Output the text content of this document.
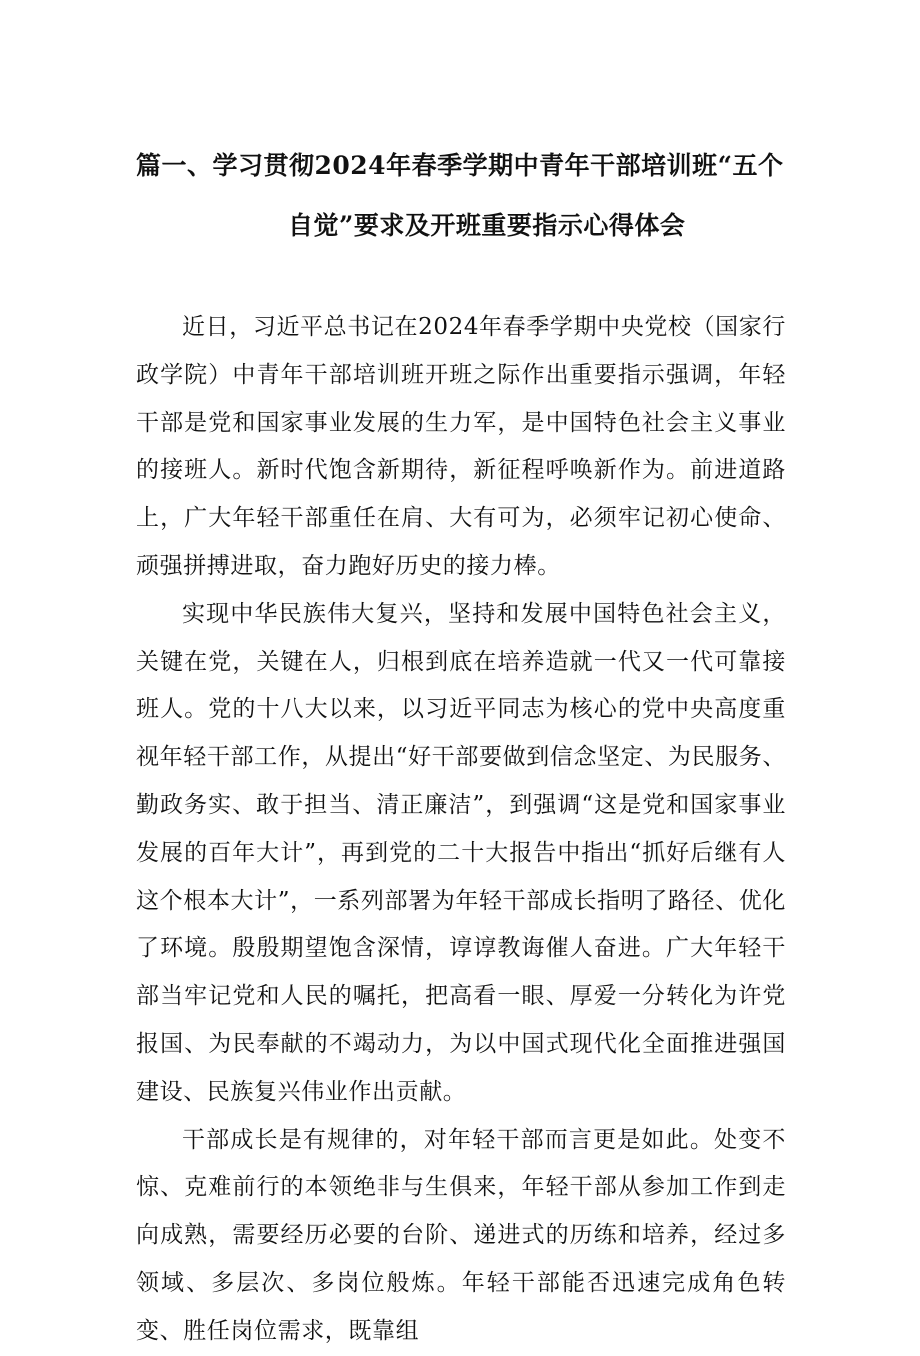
篇一、学习贯彻2024年春季学期中青年干部培训班“五个
自觉”要求及开班重要指示心得体会

近日，习近平总书记在2024年春季学期中央党校（国家行政学院）中青年干部培训班开班之际作出重要指示强调，年轻干部是党和国家事业发展的生力军，是中国特色社会主义事业的接班人。新时代饱含新期待，新征程呼唤新作为。前进道路上，广大年轻干部重任在肩、大有可为，必须牢记初心使命、顽强拼搏进取，奋力跑好历史的接力棒。

实现中华民族伟大复兴，坚持和发展中国特色社会主义，关键在党，关键在人，归根到底在培养造就一代又一代可靠接班人。党的十八大以来，以习近平同志为核心的党中央高度重视年轻干部工作，从提出“好干部要做到信念坚定、为民服务、勤政务实、敢于担当、清正廉洁”，到强调“这是党和国家事业发展的百年大计”，再到党的二十大报告中指出“抓好后继有人这个根本大计”，一系列部署为年轻干部成长指明了路径、优化了环境。殷殷期望饱含深情，谆谆教诲催人奋进。广大年轻干部当牢记党和人民的嘱托，把高看一眼、厚爱一分转化为许党报国、为民奉献的不竭动力，为以中国式现代化全面推进强国建设、民族复兴伟业作出贡献。

干部成长是有规律的，对年轻干部而言更是如此。处变不惊、克难前行的本领绝非与生俱来，年轻干部从参加工作到走向成熟，需要经历必要的台阶、递进式的历练和培养，经过多领域、多层次、多岗位般炼。年轻干部能否迅速完成角色转变、胜任岗位需求，既靠组
